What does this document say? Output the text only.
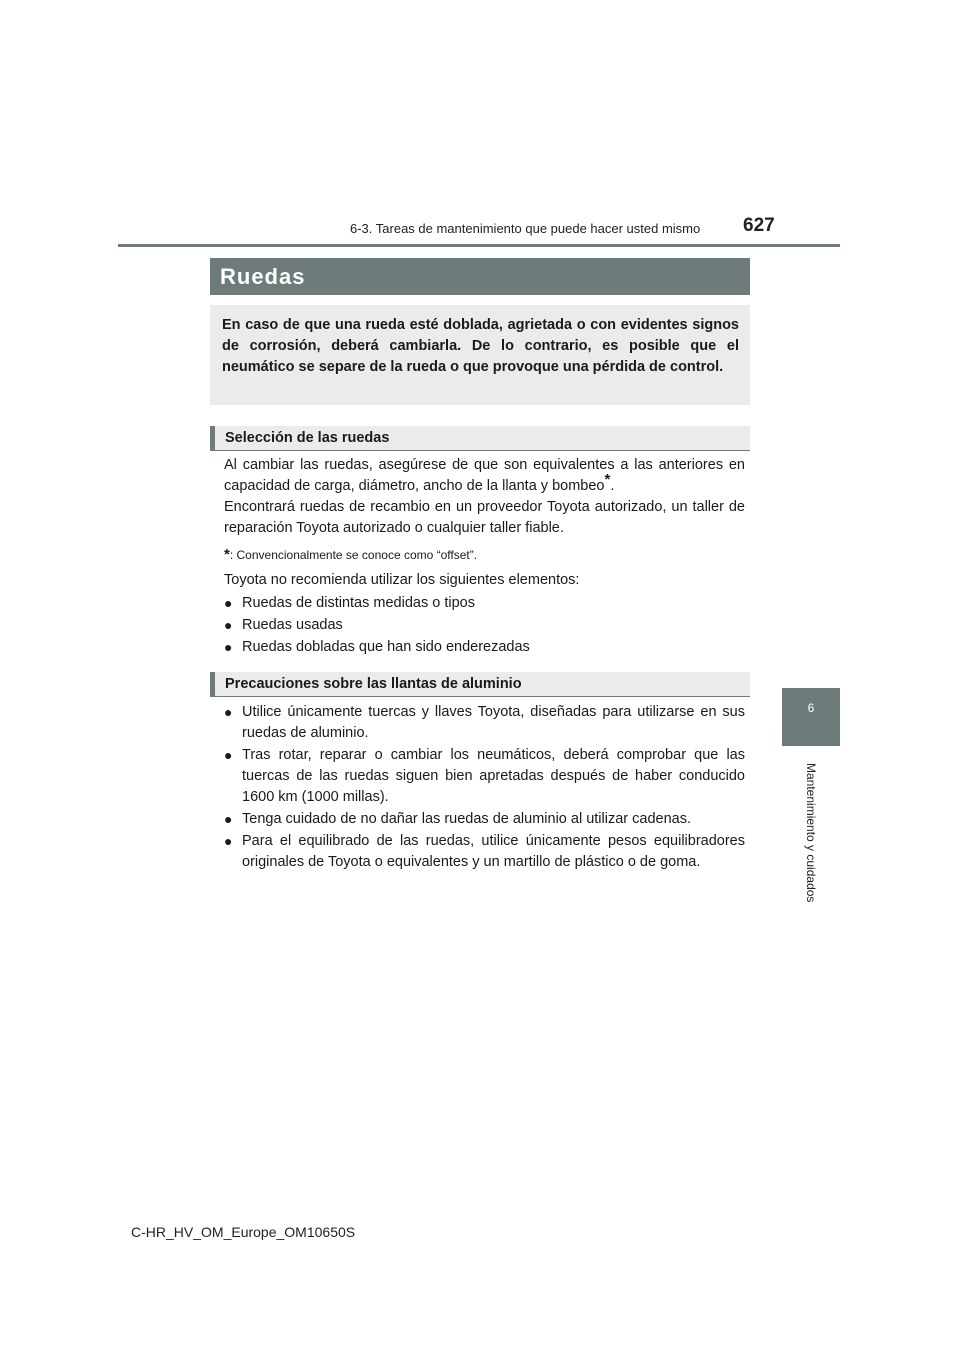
6-3. Tareas de mantenimiento que puede hacer usted mismo 627
6
Mantenimiento y cuidados
Ruedas
En caso de que una rueda esté doblada, agrietada o con evidentes signos de corrosión, deberá cambiarla. De lo contrario, es posible que el neumático se separe de la rueda o que provoque una pérdida de control.
Selección de las ruedas
Al cambiar las ruedas, asegúrese de que son equivalentes a las anteriores en capacidad de carga, diámetro, ancho de la llanta y bombeo*.
Encontrará ruedas de recambio en un proveedor Toyota autorizado, un taller de reparación Toyota autorizado o cualquier taller fiable.
*: Convencionalmente se conoce como “offset”.
Toyota no recomienda utilizar los siguientes elementos:
● Ruedas de distintas medidas o tipos
● Ruedas usadas
● Ruedas dobladas que han sido enderezadas
Precauciones sobre las llantas de aluminio
● Utilice únicamente tuercas y llaves Toyota, diseñadas para utilizarse en sus ruedas de aluminio.
● Tras rotar, reparar o cambiar los neumáticos, deberá comprobar que las tuercas de las ruedas siguen bien apretadas después de haber conducido 1600 km (1000 millas).
● Tenga cuidado de no dañar las ruedas de aluminio al utilizar cadenas.
● Para el equilibrado de las ruedas, utilice únicamente pesos equilibradores originales de Toyota o equivalentes y un martillo de plástico o de goma.
C-HR_HV_OM_Europe_OM10650S
